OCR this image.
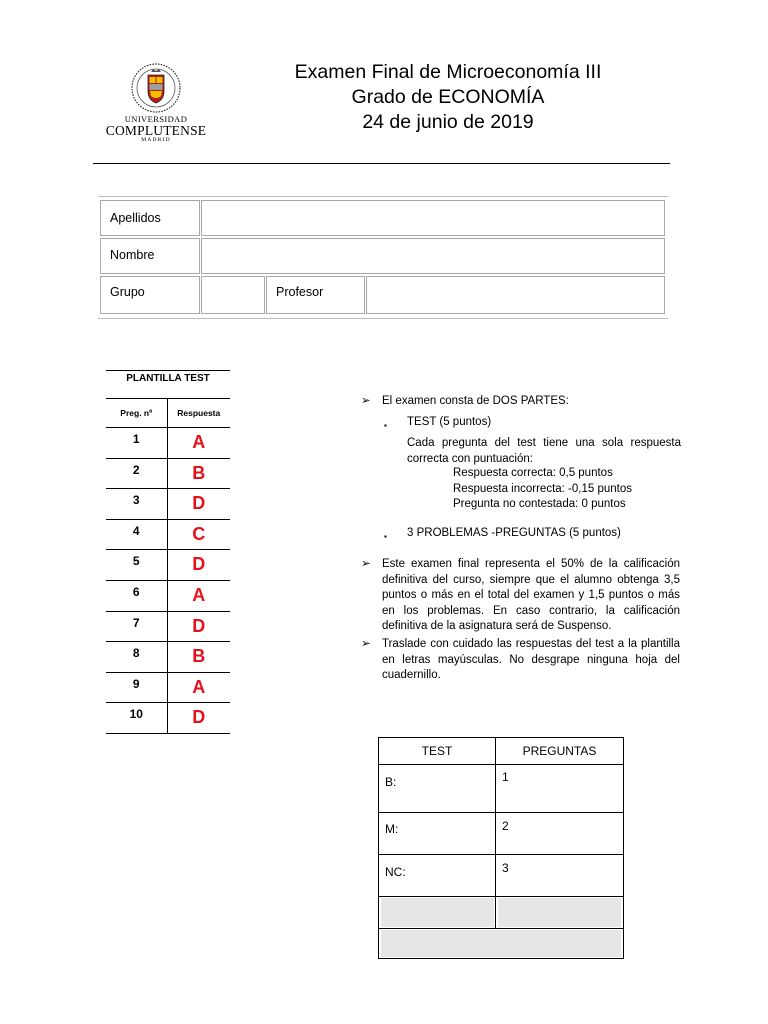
UNIVERSIDAD
COMPLUTENSE
MADRID
Examen Final de Microeconomía III
Grado de ECONOMÍA
24 de junio de 2019
Apellidos
Nombre
Grupo	Profesor
PLANTILLA TEST
Preg. nº	Respuesta
1	A
2	B
3	D
4	C
5	D
6	A
7	D
8	B
9	A
10	D
➢ El examen consta de DOS PARTES:
▪ TEST (5 puntos)
Cada pregunta del test tiene una sola respuesta correcta con puntuación:
Respuesta correcta: 0,5 puntos
Respuesta incorrecta: -0,15 puntos
Pregunta no contestada: 0 puntos
▪ 3 PROBLEMAS -PREGUNTAS (5 puntos)
➢ Este examen final representa el 50% de la calificación definitiva del curso, siempre que el alumno obtenga 3,5 puntos o más en el total del examen y 1,5 puntos o más en los problemas. En caso contrario, la calificación definitiva de la asignatura será de Suspenso.
➢ Traslade con cuidado las respuestas del test a la plantilla en letras mayúsculas. No desgrape ninguna hoja del cuadernillo.
TEST	PREGUNTAS
B:	1
M:	2
NC:	3
